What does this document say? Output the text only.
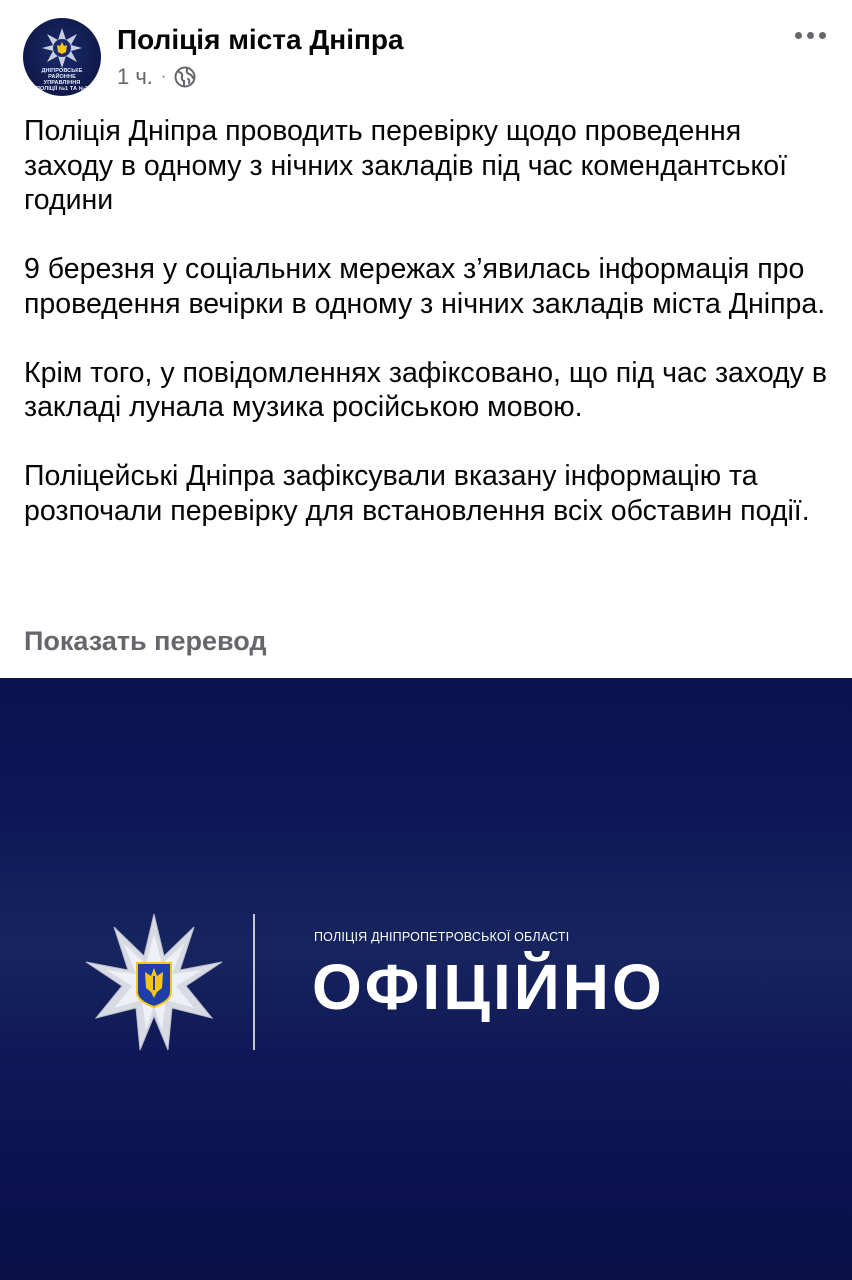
ДНІПРОВСЬКЕ
РАЙОННЕ УПРАВЛІННЯ
ПОЛІЦІЇ №1 ТА №2
Поліція міста Дніпра
1 ч. ·

Поліція Дніпра проводить перевірку щодо проведення заходу в одному з нічних закладів під час комендантської години

9 березня у соціальних мережах з’явилась інформація про проведення вечірки в одному з нічних закладів міста Дніпра.

Крім того, у повідомленнях зафіксовано, що під час заходу в закладі лунала музика російською мовою.

Поліцейські Дніпра зафіксували вказану інформацію та розпочали перевірку для встановлення всіх обставин події.

Показать перевод
ПОЛІЦІЯ ДНІПРОПЕТРОВСЬКОЇ ОБЛАСТІ
ОФІЦІЙНО
